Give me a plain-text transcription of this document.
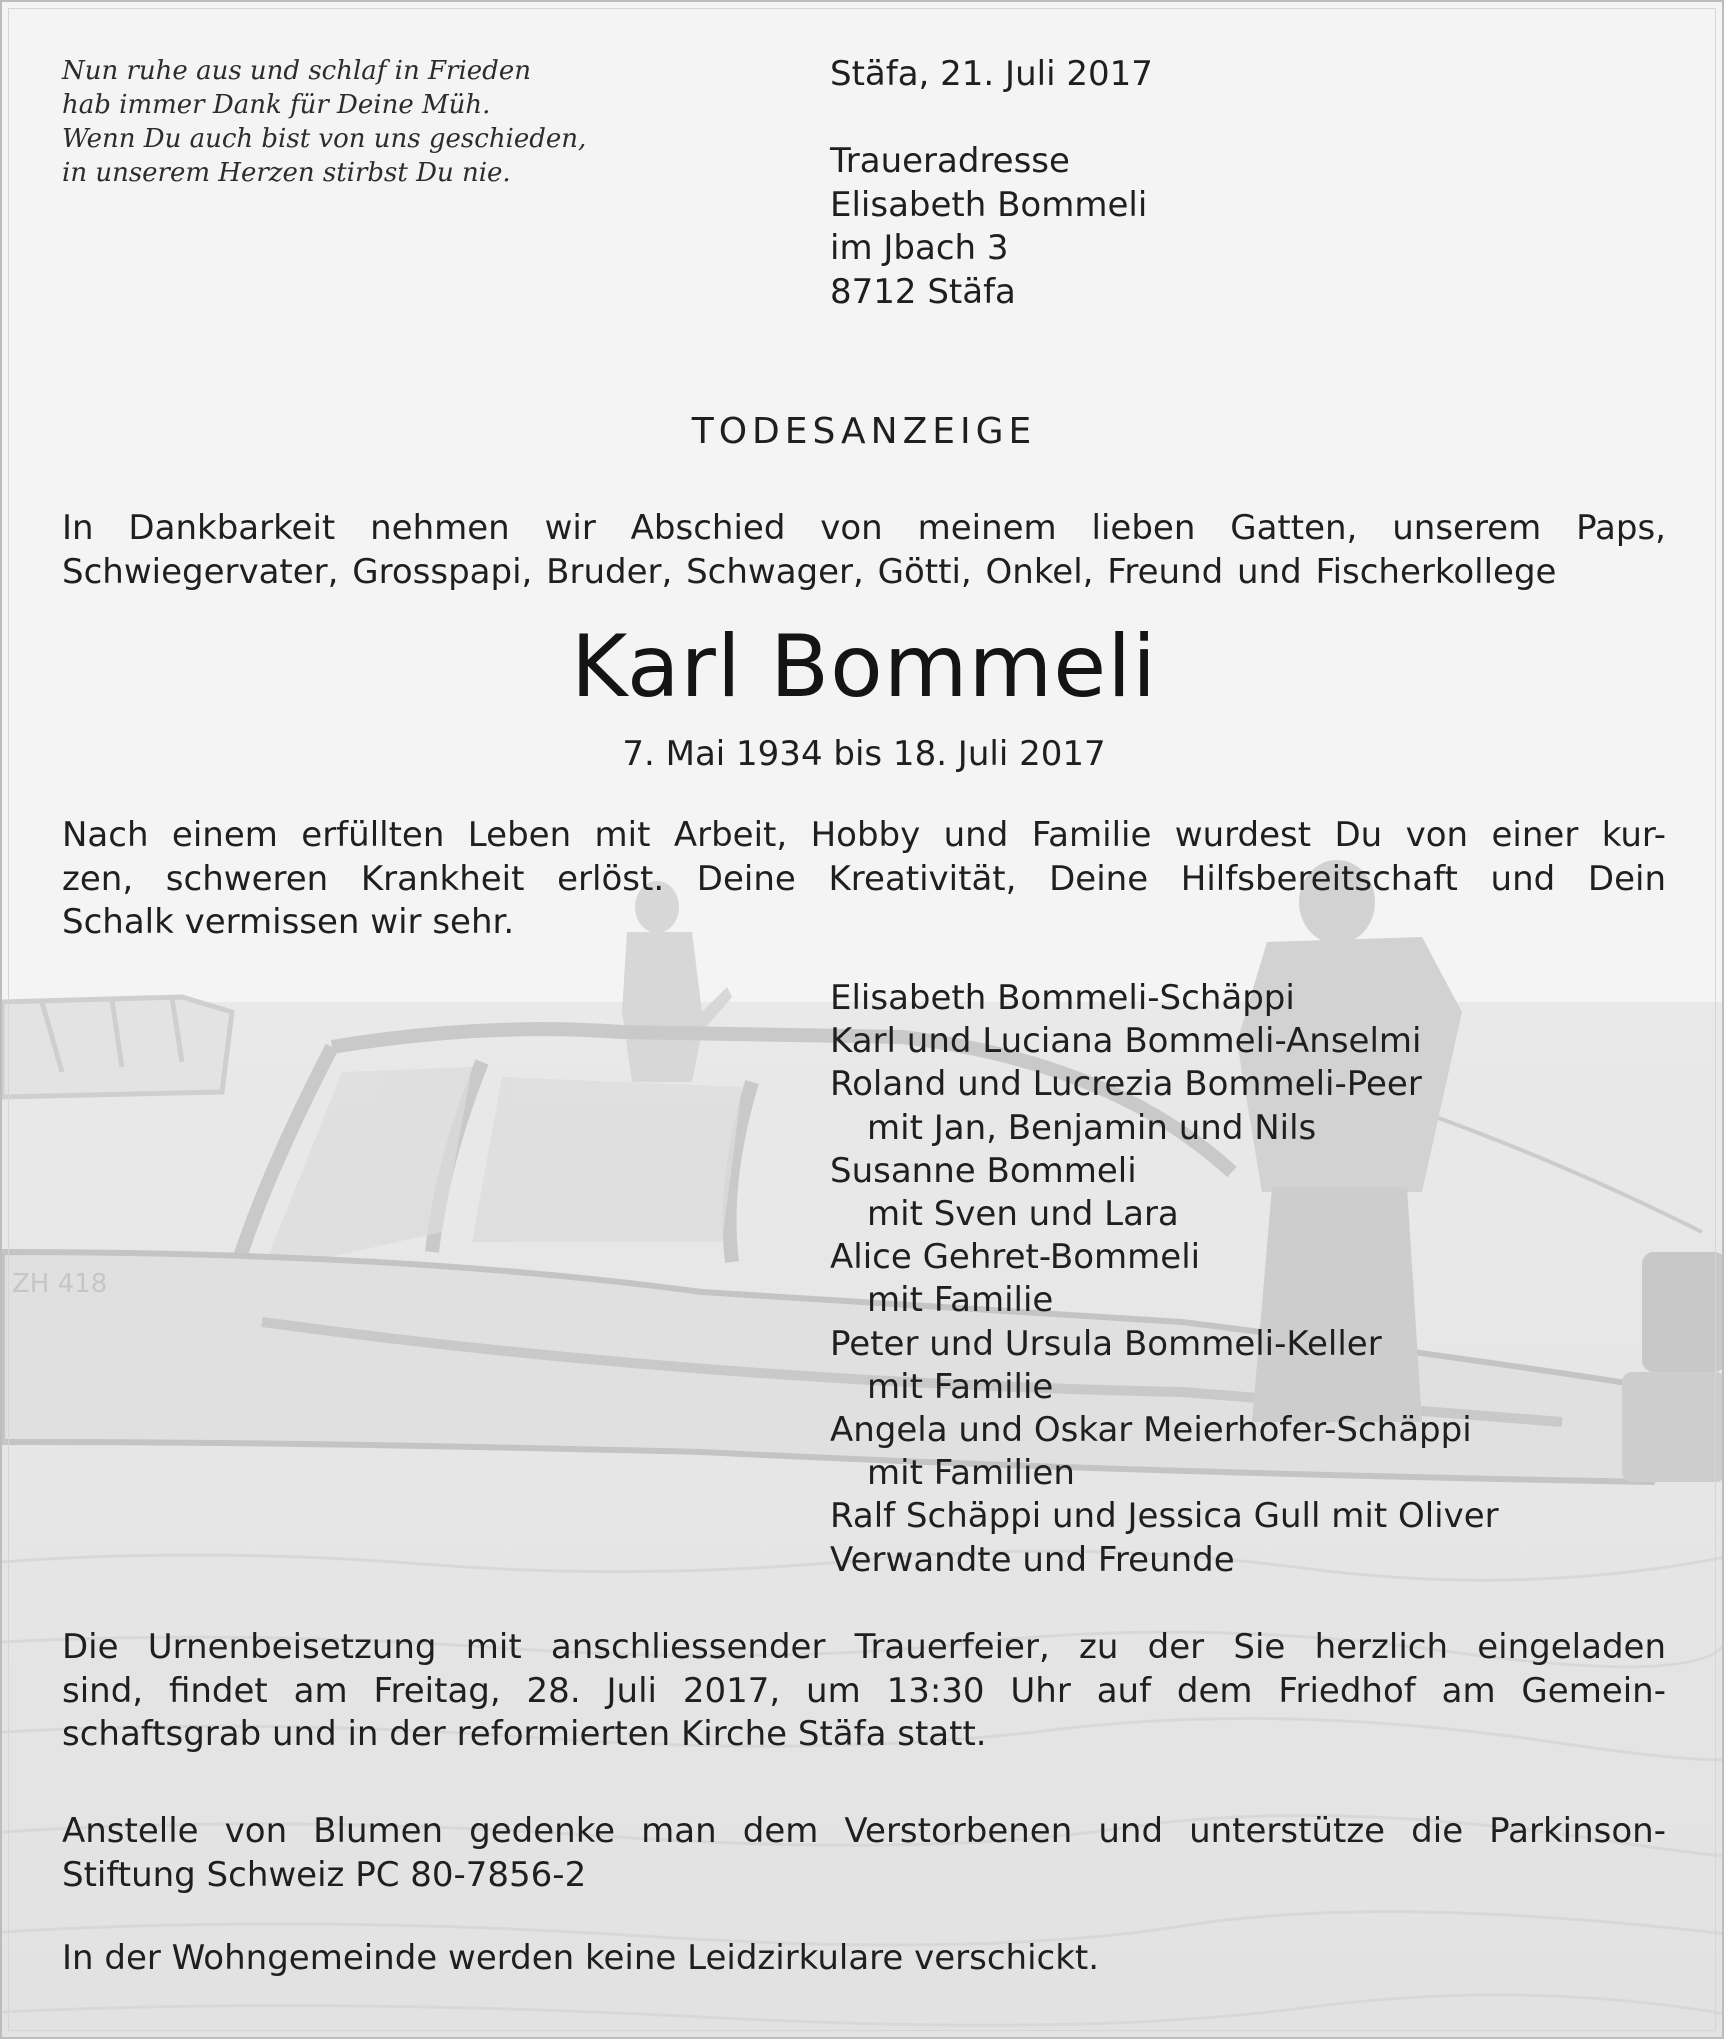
ZH 418
Nun ruhe aus und schlaf in Frieden
hab immer Dank für Deine Müh.
Wenn Du auch bist von uns geschieden,
in unserem Herzen stirbst Du nie.
Stäfa, 21. Juli 2017
Traueradresse
Elisabeth Bommeli
im Jbach 3
8712 Stäfa
TODESANZEIGE
In Dankbarkeit nehmen wir Abschied von meinem lieben Gatten, unserem Paps,
Schwiegervater, Grosspapi, Bruder, Schwager, Götti, Onkel, Freund und Fischerkollege
Karl Bommeli
7. Mai 1934 bis 18. Juli 2017
Nach einem erfüllten Leben mit Arbeit, Hobby und Familie wurdest Du von einer kur-
zen, schweren Krankheit erlöst. Deine Kreativität, Deine Hilfsbereitschaft und Dein
Schalk vermissen wir sehr.
Elisabeth Bommeli-Schäppi
Karl und Luciana Bommeli-Anselmi
Roland und Lucrezia Bommeli-Peer
mit Jan, Benjamin und Nils
Susanne Bommeli
mit Sven und Lara
Alice Gehret-Bommeli
mit Familie
Peter und Ursula Bommeli-Keller
mit Familie
Angela und Oskar Meierhofer-Schäppi
mit Familien
Ralf Schäppi und Jessica Gull mit Oliver
Verwandte und Freunde
Die Urnenbeisetzung mit anschliessender Trauerfeier, zu der Sie herzlich eingeladen
sind, findet am Freitag, 28. Juli 2017, um 13:30 Uhr auf dem Friedhof am Gemein-
schaftsgrab und in der reformierten Kirche Stäfa statt.
Anstelle von Blumen gedenke man dem Verstorbenen und unterstütze die Parkinson-
Stiftung Schweiz PC 80-7856-2
In der Wohngemeinde werden keine Leidzirkulare verschickt.
